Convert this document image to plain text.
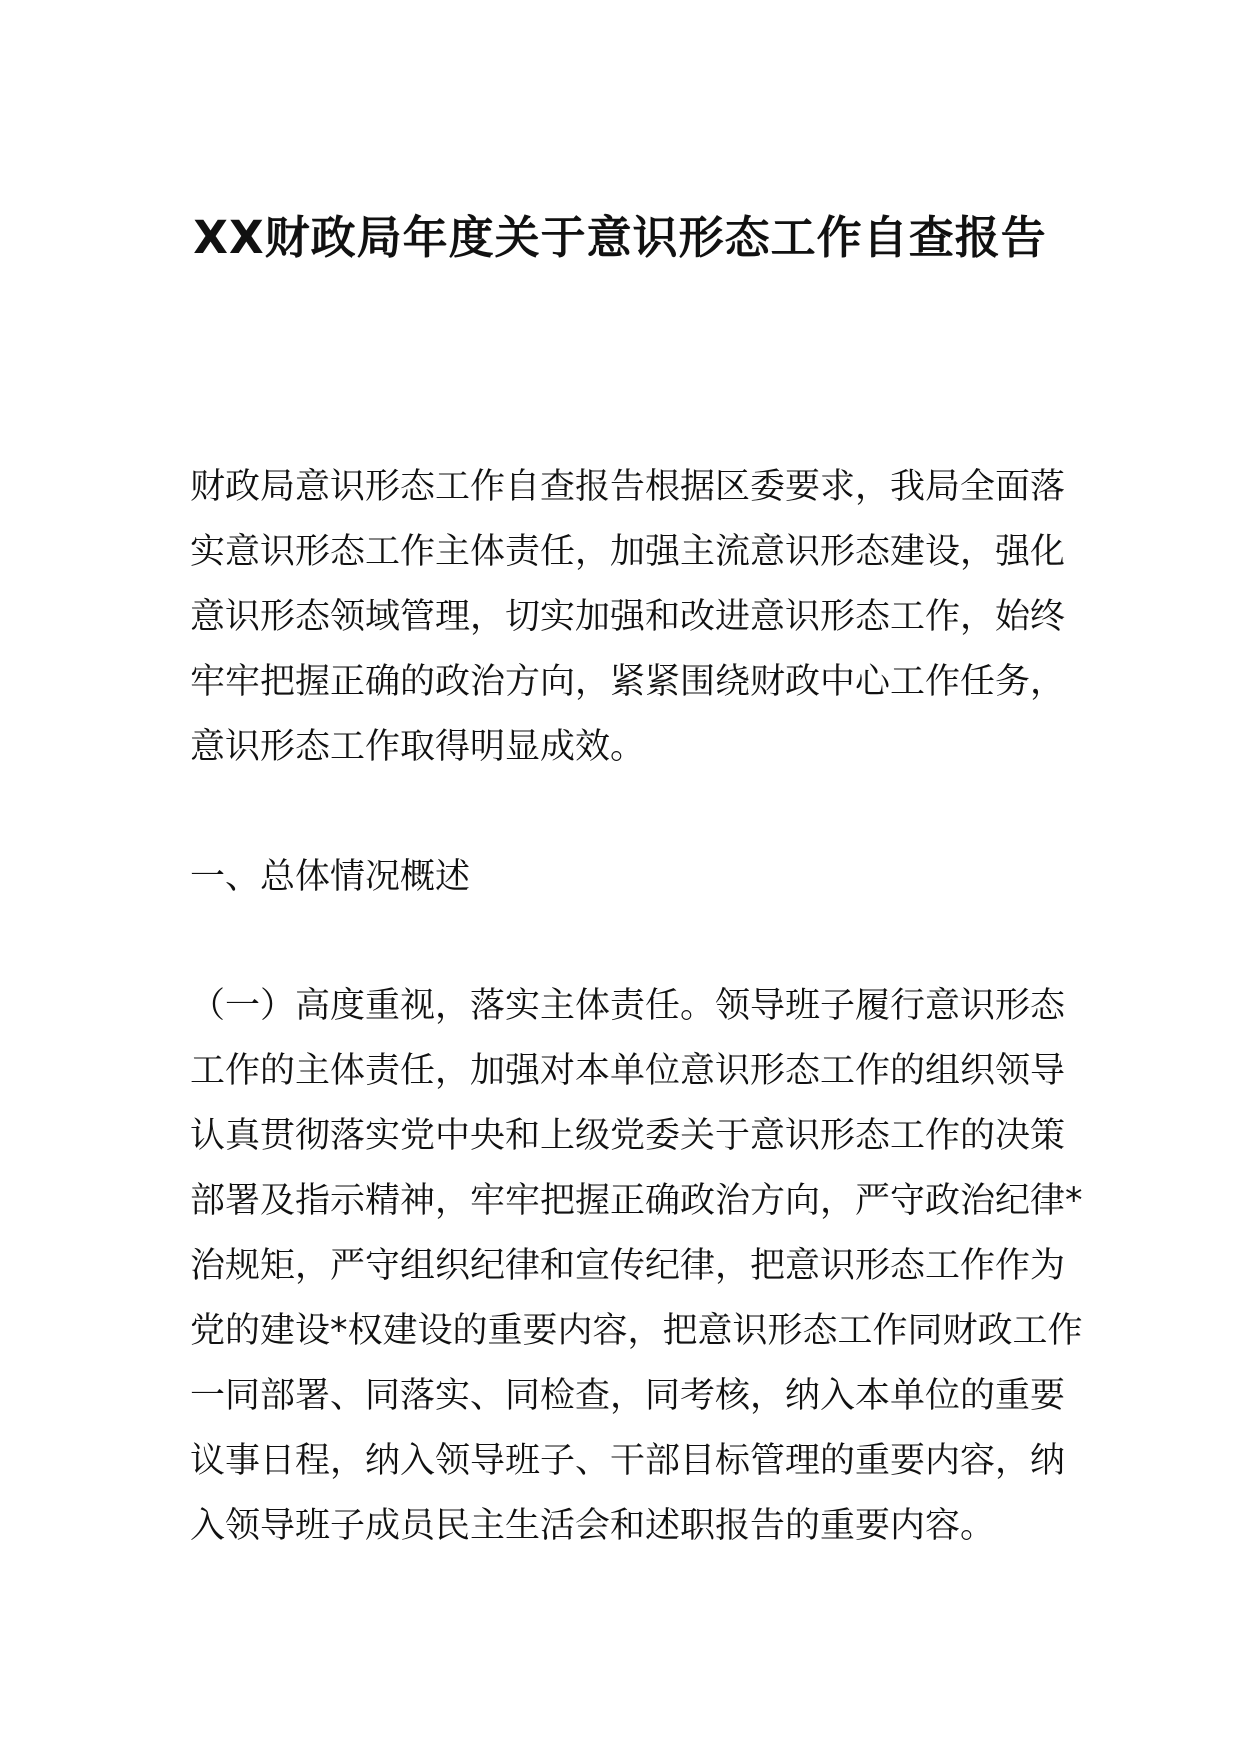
XX财政局年度关于意识形态工作自查报告
财政局意识形态工作自查报告根据区委要求，我局全面落
实意识形态工作主体责任，加强主流意识形态建设，强化
意识形态领域管理，切实加强和改进意识形态工作，始终
牢牢把握正确的政治方向，紧紧围绕财政中心工作任务，
意识形态工作取得明显成效。
一、总体情况概述
（一）高度重视，落实主体责任。领导班子履行意识形态
工作的主体责任，加强对本单位意识形态工作的组织领导
认真贯彻落实党中央和上级党委关于意识形态工作的决策
部署及指示精神，牢牢把握正确政治方向，严守政治纪律*
治规矩，严守组织纪律和宣传纪律，把意识形态工作作为
党的建设*权建设的重要内容，把意识形态工作同财政工作
一同部署、同落实、同检查，同考核，纳入本单位的重要
议事日程，纳入领导班子、干部目标管理的重要内容，纳
入领导班子成员民主生活会和述职报告的重要内容。
